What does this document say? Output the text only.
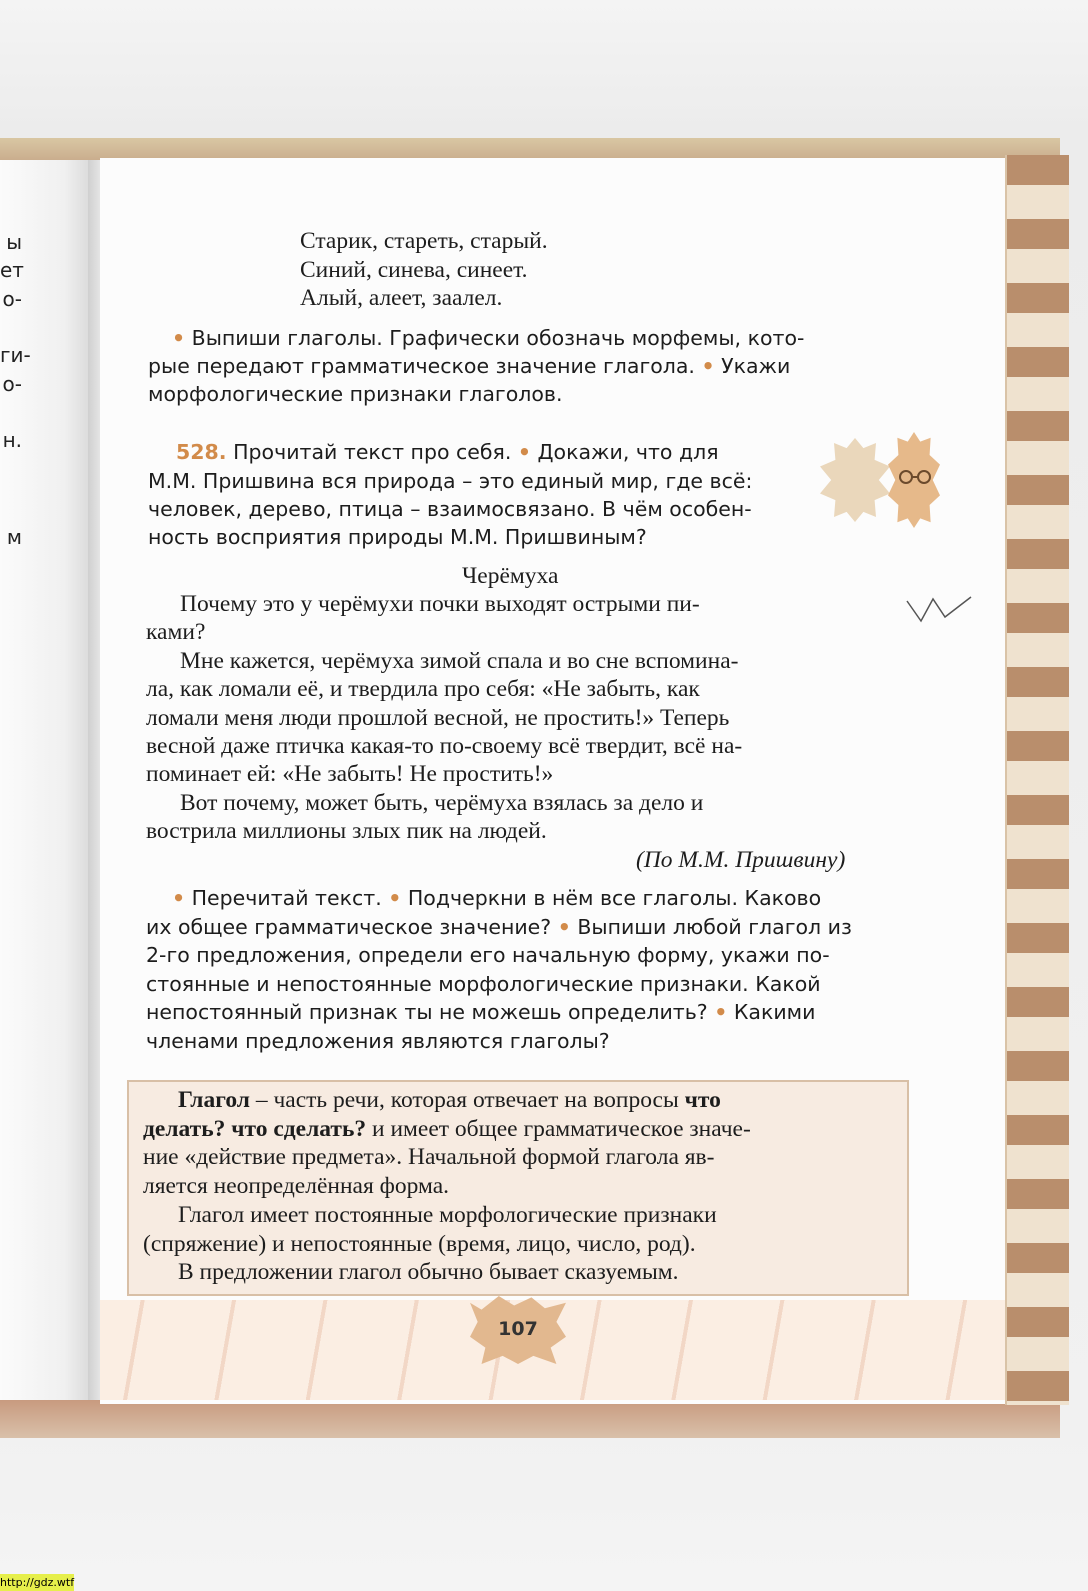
ы
ет
о-
ги-
о-
н.
м
Старик, стареть, старый.
Синий, синева, синеет.
Алый, алеет, заалел.
• Выпиши глаголы. Графически обозначь морфемы, кото-
рые передают грамматическое значение глагола. • Укажи
морфологические признаки глаголов.
528. Прочитай текст про себя. • Докажи, что для
М.М. Пришвина вся природа – это единый мир, где всё:
человек, дерево, птица – взаимосвязано. В чём особен-
ность восприятия природы М.М. Пришвиным?
Черёмуха
Почему это у черёмухи почки выходят острыми пи-
ками?
Мне кажется, черёмуха зимой спала и во сне вспомина-
ла, как ломали её, и твердила про себя: «Не забыть, как
ломали меня люди прошлой весной, не простить!» Теперь
весной даже птичка какая-то по-своему всё твердит, всё на-
поминает ей: «Не забыть! Не простить!»
Вот почему, может быть, черёмуха взялась за дело и
вострила миллионы злых пик на людей.
(По М.М. Пришвину)
• Перечитай текст. • Подчеркни в нём все глаголы. Каково
их общее грамматическое значение? • Выпиши любой глагол из
2-го предложения, определи его начальную форму, укажи по-
стоянные и непостоянные морфологические признаки. Какой
непостоянный признак ты не можешь определить? • Какими
членами предложения являются глаголы?
Глагол – часть речи, которая отвечает на вопросы что
делать? что сделать? и имеет общее грамматическое значе-
ние «действие предмета». Начальной формой глагола яв-
ляется неопределённая форма.
Глагол имеет постоянные морфологические признаки
(спряжение) и непостоянные (время, лицо, число, род).
В предложении глагол обычно бывает сказуемым.
107
http://gdz.wtf
